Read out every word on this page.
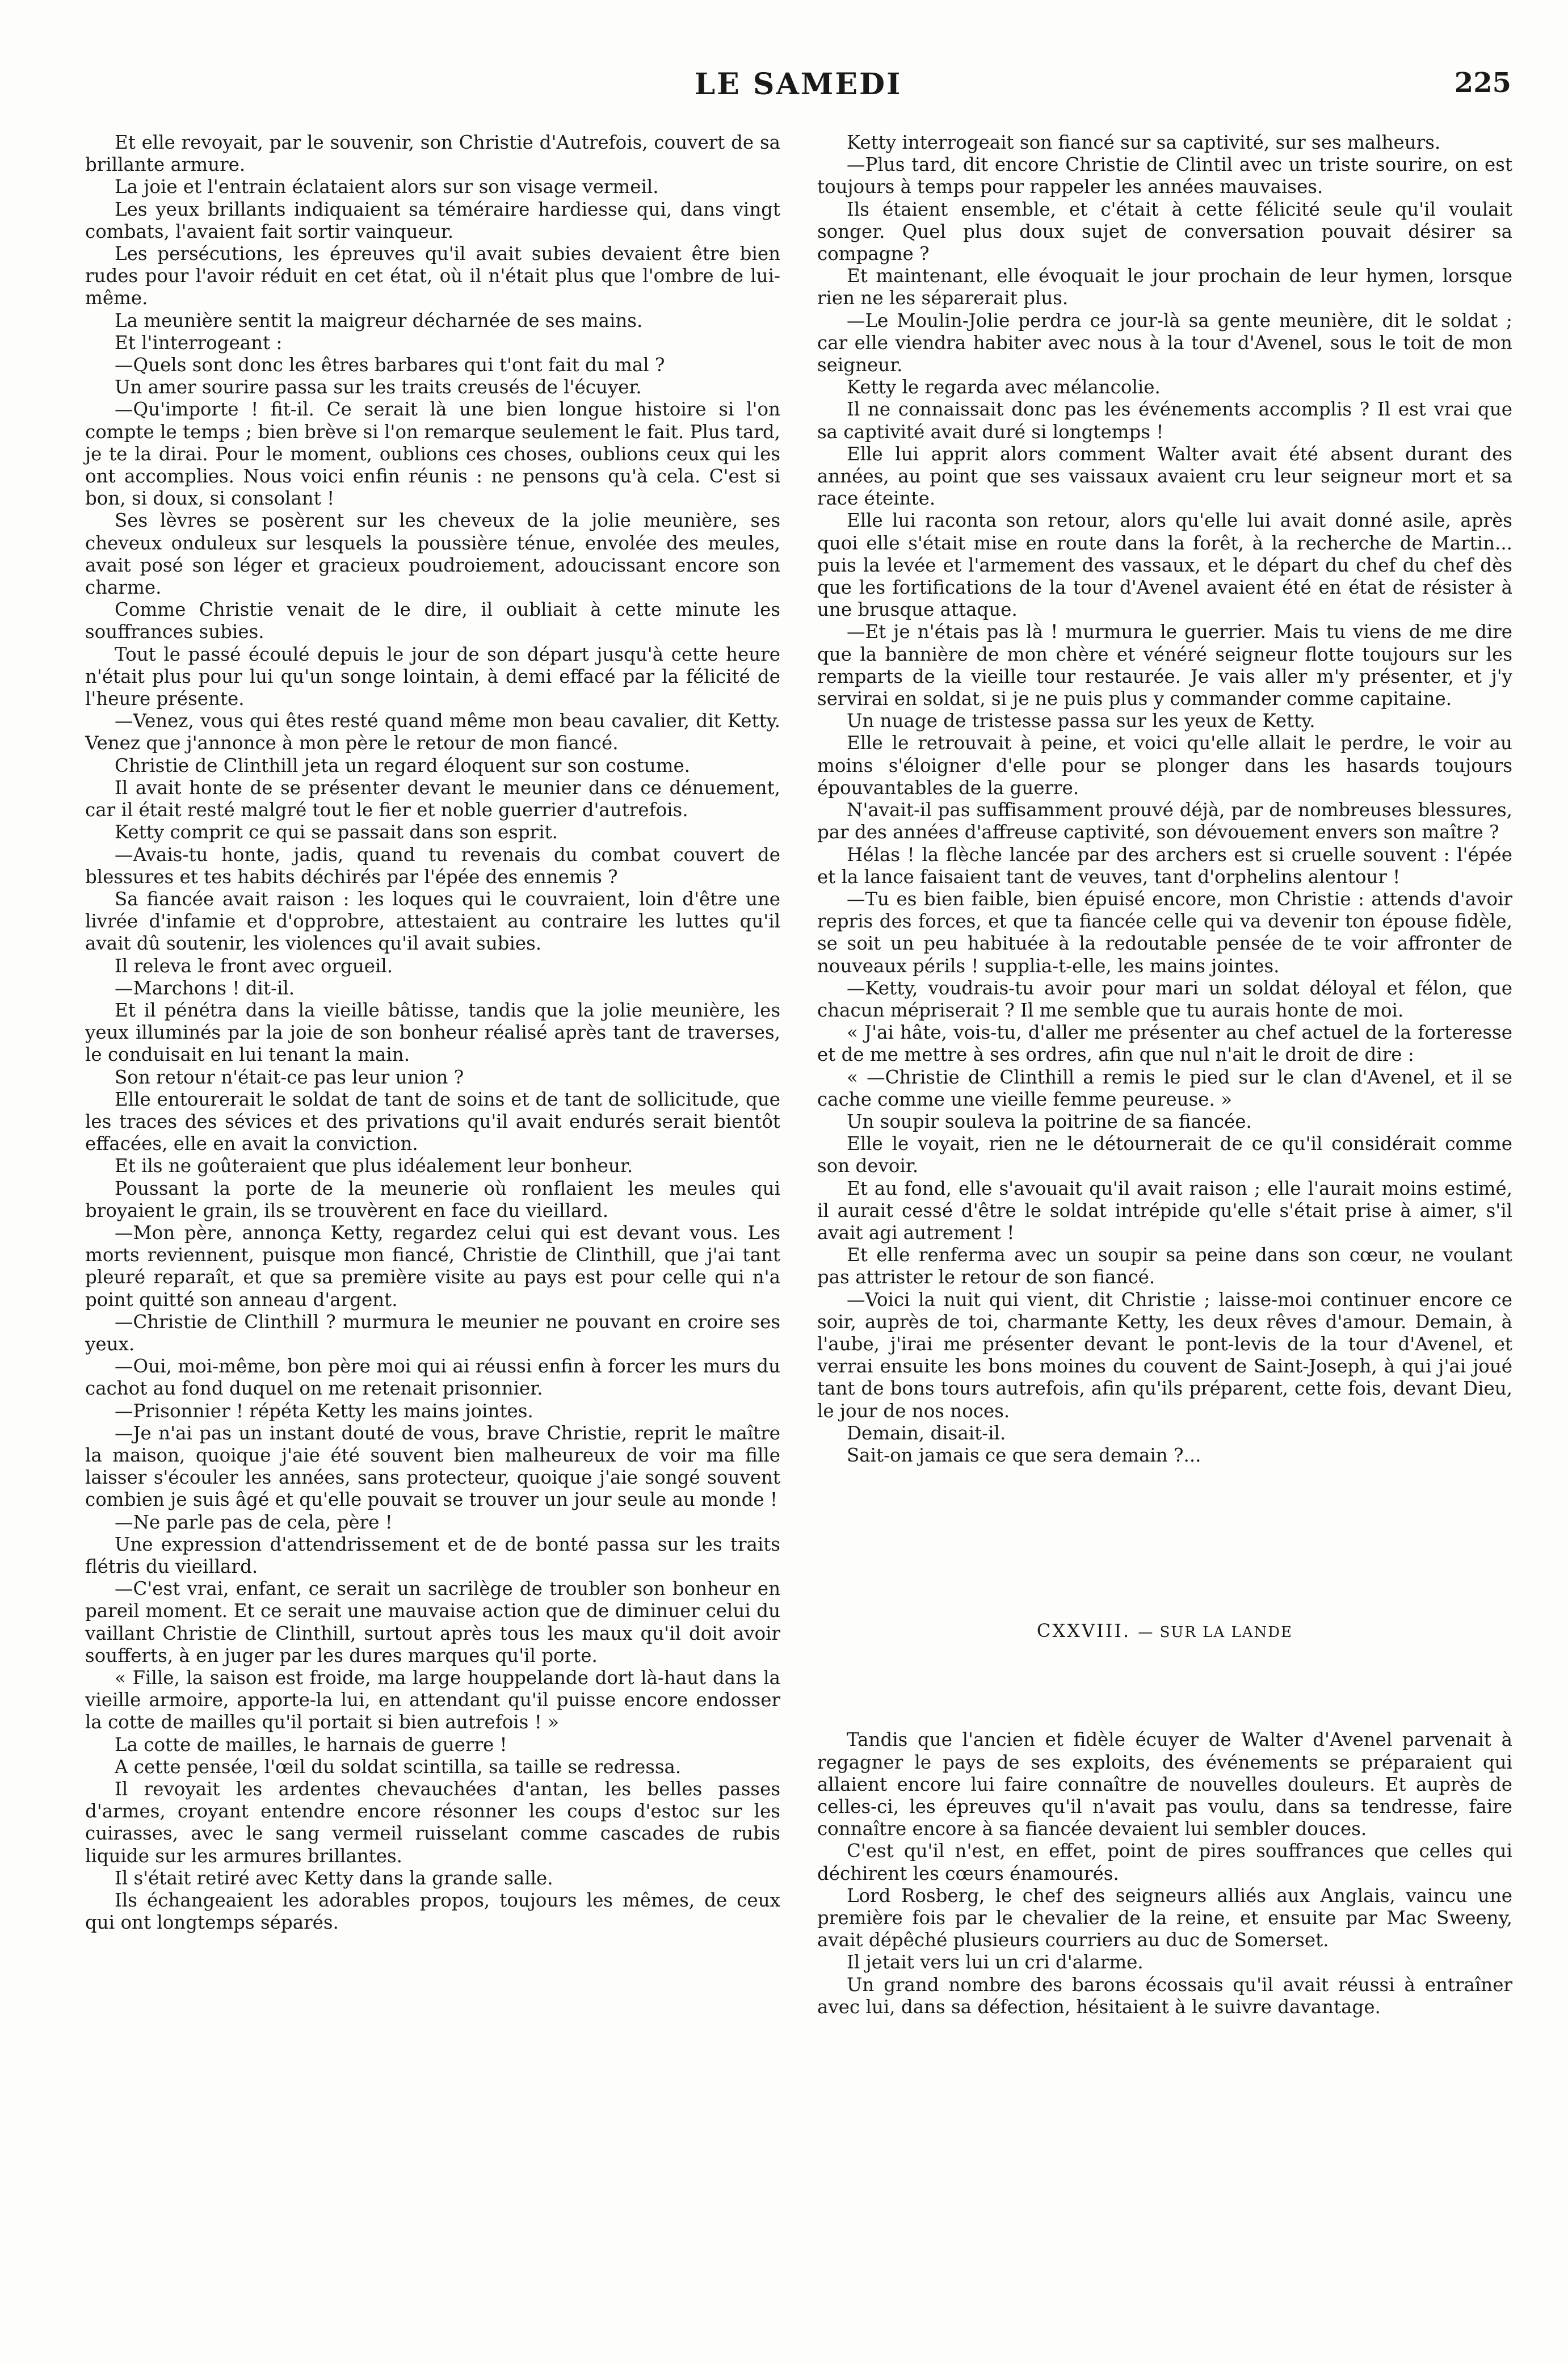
LE SAMEDI	225

Et elle revoyait, par le souvenir, son Christie d'Autrefois, couvert de sa brillante armure.

La joie et l'entrain éclataient alors sur son visage vermeil.

Les yeux brillants indiquaient sa téméraire hardiesse qui, dans vingt combats, l'avaient fait sortir vainqueur.

Les persécutions, les épreuves qu'il avait subies devaient être bien rudes pour l'avoir réduit en cet état, où il n'était plus que l'ombre de lui-même.

La meunière sentit la maigreur décharnée de ses mains.

Et l'interrogeant :

—Quels sont donc les êtres barbares qui t'ont fait du mal ?

Un amer sourire passa sur les traits creusés de l'écuyer.

—Qu'importe ! fit-il. Ce serait là une bien longue histoire si l'on compte le temps ; bien brève si l'on remarque seulement le fait. Plus tard, je te la dirai. Pour le moment, oublions ces choses, oublions ceux qui les ont accomplies. Nous voici enfin réunis : ne pensons qu'à cela. C'est si bon, si doux, si consolant !

Ses lèvres se posèrent sur les cheveux de la jolie meunière, ses cheveux onduleux sur lesquels la poussière ténue, envolée des meules, avait posé son léger et gracieux poudroiement, adoucissant encore son charme.

Comme Christie venait de le dire, il oubliait à cette minute les souffrances subies.

Tout le passé écoulé depuis le jour de son départ jusqu'à cette heure n'était plus pour lui qu'un songe lointain, à demi effacé par la félicité de l'heure présente.

—Venez, vous qui êtes resté quand même mon beau cavalier, dit Ketty. Venez que j'annonce à mon père le retour de mon fiancé.

Christie de Clinthill jeta un regard éloquent sur son costume.

Il avait honte de se présenter devant le meunier dans ce dénuement, car il était resté malgré tout le fier et noble guerrier d'autrefois.

Ketty comprit ce qui se passait dans son esprit.

—Avais-tu honte, jadis, quand tu revenais du combat couvert de blessures et tes habits déchirés par l'épée des ennemis ?

Sa fiancée avait raison : les loques qui le couvraient, loin d'être une livrée d'infamie et d'opprobre, attestaient au contraire les luttes qu'il avait dû soutenir, les violences qu'il avait subies.

Il releva le front avec orgueil.

—Marchons ! dit-il.

Et il pénétra dans la vieille bâtisse, tandis que la jolie meunière, les yeux illuminés par la joie de son bonheur réalisé après tant de traverses, le conduisait en lui tenant la main.

Son retour n'était-ce pas leur union ?

Elle entourerait le soldat de tant de soins et de tant de sollicitude, que les traces des sévices et des privations qu'il avait endurés serait bientôt effacées, elle en avait la conviction.

Et ils ne goûteraient que plus idéalement leur bonheur.

Poussant la porte de la meunerie où ronflaient les meules qui broyaient le grain, ils se trouvèrent en face du vieillard.

—Mon père, annonça Ketty, regardez celui qui est devant vous. Les morts reviennent, puisque mon fiancé, Christie de Clinthill, que j'ai tant pleuré reparaît, et que sa première visite au pays est pour celle qui n'a point quitté son anneau d'argent.

—Christie de Clinthill ? murmura le meunier ne pouvant en croire ses yeux.

—Oui, moi-même, bon père moi qui ai réussi enfin à forcer les murs du cachot au fond duquel on me retenait prisonnier.

—Prisonnier ! répéta Ketty les mains jointes.

—Je n'ai pas un instant douté de vous, brave Christie, reprit le maître la maison, quoique j'aie été souvent bien malheureux de voir ma fille laisser s'écouler les années, sans protecteur, quoique j'aie songé souvent combien je suis âgé et qu'elle pouvait se trouver un jour seule au monde !

—Ne parle pas de cela, père !

Une expression d'attendrissement et de de bonté passa sur les traits flétris du vieillard.

—C'est vrai, enfant, ce serait un sacrilège de troubler son bonheur en pareil moment. Et ce serait une mauvaise action que de diminuer celui du vaillant Christie de Clinthill, surtout après tous les maux qu'il doit avoir soufferts, à en juger par les dures marques qu'il porte.

« Fille, la saison est froide, ma large houppelande dort là-haut dans la vieille armoire, apporte-la lui, en attendant qu'il puisse encore endosser la cotte de mailles qu'il portait si bien autrefois ! »

La cotte de mailles, le harnais de guerre !

A cette pensée, l'œil du soldat scintilla, sa taille se redressa.

Il revoyait les ardentes chevauchées d'antan, les belles passes d'armes, croyant entendre encore résonner les coups d'estoc sur les cuirasses, avec le sang vermeil ruisselant comme cascades de rubis liquide sur les armures brillantes.

Il s'était retiré avec Ketty dans la grande salle.

Ils échangeaient les adorables propos, toujours les mêmes, de ceux qui ont longtemps séparés.

Ketty interrogeait son fiancé sur sa captivité, sur ses malheurs.

—Plus tard, dit encore Christie de Clintil avec un triste sourire, on est toujours à temps pour rappeler les années mauvaises.

Ils étaient ensemble, et c'était à cette félicité seule qu'il voulait songer. Quel plus doux sujet de conversation pouvait désirer sa compagne ?

Et maintenant, elle évoquait le jour prochain de leur hymen, lorsque rien ne les séparerait plus.

—Le Moulin-Jolie perdra ce jour-là sa gente meunière, dit le soldat ; car elle viendra habiter avec nous à la tour d'Avenel, sous le toit de mon seigneur.

Ketty le regarda avec mélancolie.

Il ne connaissait donc pas les événements accomplis ? Il est vrai que sa captivité avait duré si longtemps !

Elle lui apprit alors comment Walter avait été absent durant des années, au point que ses vaissaux avaient cru leur seigneur mort et sa race éteinte.

Elle lui raconta son retour, alors qu'elle lui avait donné asile, après quoi elle s'était mise en route dans la forêt, à la recherche de Martin... puis la levée et l'armement des vassaux, et le départ du chef du chef dès que les fortifications de la tour d'Avenel avaient été en état de résister à une brusque attaque.

—Et je n'étais pas là ! murmura le guerrier. Mais tu viens de me dire que la bannière de mon chère et vénéré seigneur flotte toujours sur les remparts de la vieille tour restaurée. Je vais aller m'y présenter, et j'y servirai en soldat, si je ne puis plus y commander comme capitaine.

Un nuage de tristesse passa sur les yeux de Ketty.

Elle le retrouvait à peine, et voici qu'elle allait le perdre, le voir au moins s'éloigner d'elle pour se plonger dans les hasards toujours épouvantables de la guerre.

N'avait-il pas suffisamment prouvé déjà, par de nombreuses blessures, par des années d'affreuse captivité, son dévouement envers son maître ?

Hélas ! la flèche lancée par des archers est si cruelle souvent : l'épée et la lance faisaient tant de veuves, tant d'orphelins alentour !

—Tu es bien faible, bien épuisé encore, mon Christie : attends d'avoir repris des forces, et que ta fiancée celle qui va devenir ton épouse fidèle, se soit un peu habituée à la redoutable pensée de te voir affronter de nouveaux périls ! supplia-t-elle, les mains jointes.

—Ketty, voudrais-tu avoir pour mari un soldat déloyal et félon, que chacun mépriserait ? Il me semble que tu aurais honte de moi.

« J'ai hâte, vois-tu, d'aller me présenter au chef actuel de la forteresse et de me mettre à ses ordres, afin que nul n'ait le droit de dire :

« —Christie de Clinthill a remis le pied sur le clan d'Avenel, et il se cache comme une vieille femme peureuse. »

Un soupir souleva la poitrine de sa fiancée.

Elle le voyait, rien ne le détournerait de ce qu'il considérait comme son devoir.

Et au fond, elle s'avouait qu'il avait raison ; elle l'aurait moins estimé, il aurait cessé d'être le soldat intrépide qu'elle s'était prise à aimer, s'il avait agi autrement !

Et elle renferma avec un soupir sa peine dans son cœur, ne voulant pas attrister le retour de son fiancé.

—Voici la nuit qui vient, dit Christie ; laisse-moi continuer encore ce soir, auprès de toi, charmante Ketty, les deux rêves d'amour. Demain, à l'aube, j'irai me présenter devant le pont-levis de la tour d'Avenel, et verrai ensuite les bons moines du couvent de Saint-Joseph, à qui j'ai joué tant de bons tours autrefois, afin qu'ils préparent, cette fois, devant Dieu, le jour de nos noces.

Demain, disait-il.

Sait-on jamais ce que sera demain ?...

CXXVIII. — SUR LA LANDE

Tandis que l'ancien et fidèle écuyer de Walter d'Avenel parvenait à regagner le pays de ses exploits, des événements se préparaient qui allaient encore lui faire connaître de nouvelles douleurs. Et auprès de celles-ci, les épreuves qu'il n'avait pas voulu, dans sa tendresse, faire connaître encore à sa fiancée devaient lui sembler douces.

C'est qu'il n'est, en effet, point de pires souffrances que celles qui déchirent les cœurs énamourés.

Lord Rosberg, le chef des seigneurs alliés aux Anglais, vaincu une première fois par le chevalier de la reine, et ensuite par Mac Sweeny, avait dépêché plusieurs courriers au duc de Somerset.

Il jetait vers lui un cri d'alarme.

Un grand nombre des barons écossais qu'il avait réussi à entraîner avec lui, dans sa défection, hésitaient à le suivre davantage.
